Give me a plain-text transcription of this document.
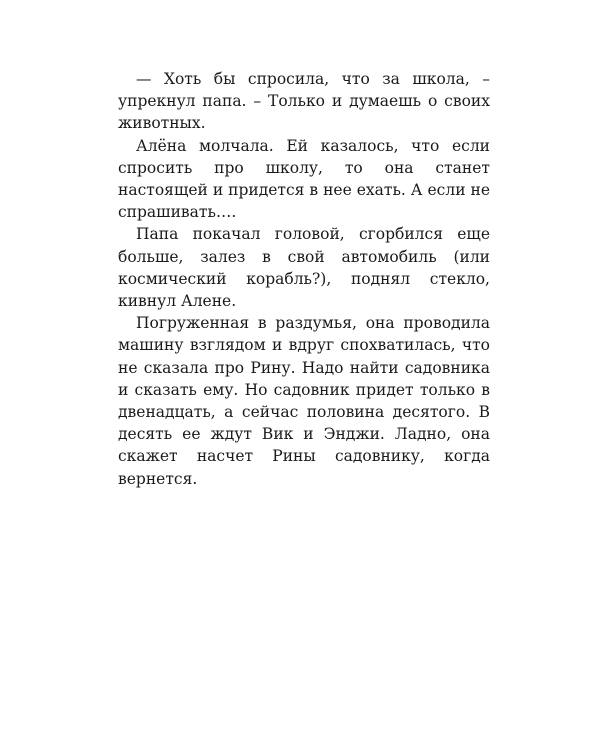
— Хоть бы спросила, что за школа, – упрекнул папа. – Только и думаешь о своих животных.

Алёна молчала. Ей казалось, что если спросить про школу, то она станет настоящей и придется в нее ехать. А если не спрашивать….

Папа покачал головой, сгорбился еще больше, залез в свой автомобиль (или космический корабль?), поднял стекло, кивнул Алене.

Погруженная в раздумья, она проводила машину взглядом и вдруг спохватилась, что не сказала про Рину. Надо найти садовника и сказать ему. Но садовник придет только в двенадцать, а сейчас половина десятого. В десять ее ждут Вик и Энджи. Ладно, она скажет насчет Рины садовнику, когда вернется.
